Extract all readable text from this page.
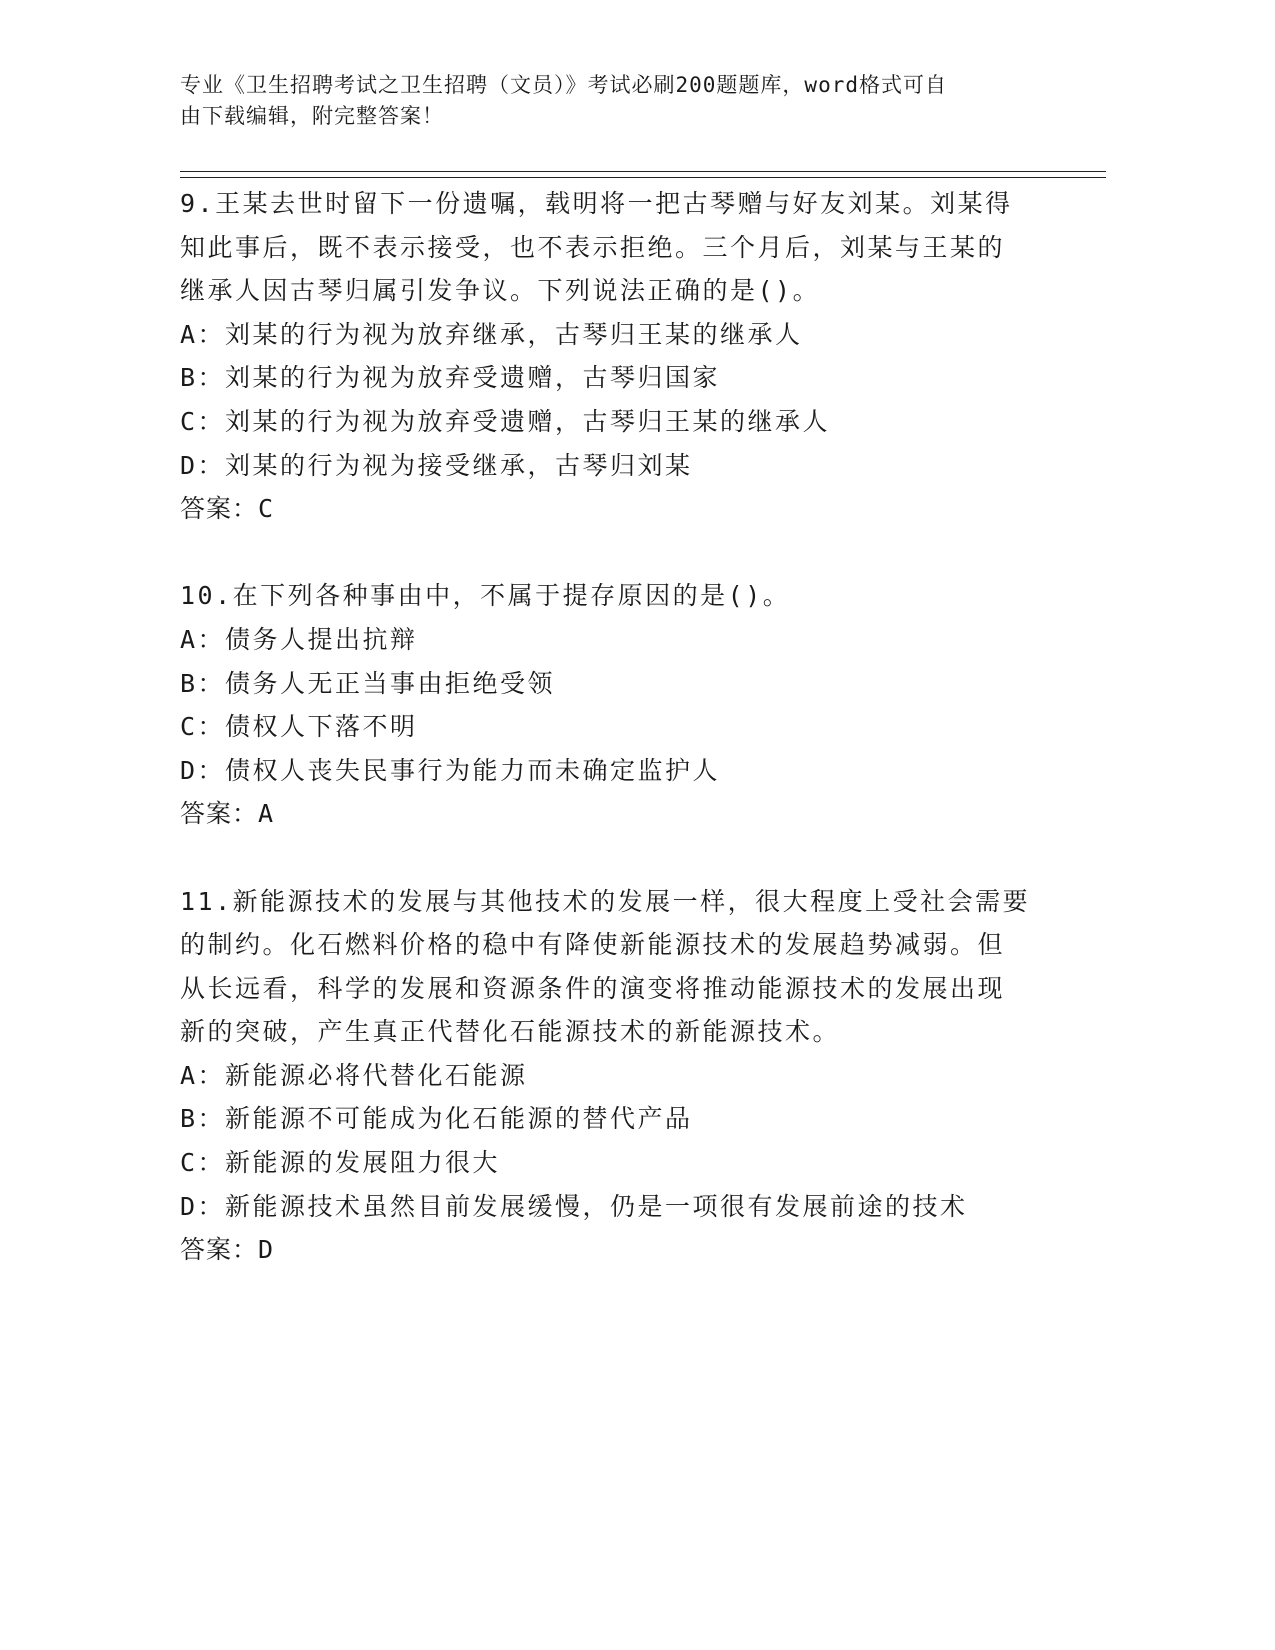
专业《卫生招聘考试之卫生招聘（文员）》考试必刷200题题库，word格式可自
由下载编辑，附完整答案！
9.王某去世时留下一份遗嘱，载明将一把古琴赠与好友刘某。刘某得
知此事后，既不表示接受，也不表示拒绝。三个月后，刘某与王某的
继承人因古琴归属引发争议。下列说法正确的是()。
A：刘某的行为视为放弃继承，古琴归王某的继承人
B：刘某的行为视为放弃受遗赠，古琴归国家
C：刘某的行为视为放弃受遗赠，古琴归王某的继承人
D：刘某的行为视为接受继承，古琴归刘某
答案：C
10.在下列各种事由中，不属于提存原因的是()。
A：债务人提出抗辩
B：债务人无正当事由拒绝受领
C：债权人下落不明
D：债权人丧失民事行为能力而未确定监护人
答案：A
11.新能源技术的发展与其他技术的发展一样，很大程度上受社会需要
的制约。化石燃料价格的稳中有降使新能源技术的发展趋势减弱。但
从长远看，科学的发展和资源条件的演变将推动能源技术的发展出现
新的突破，产生真正代替化石能源技术的新能源技术。
A：新能源必将代替化石能源
B：新能源不可能成为化石能源的替代产品
C：新能源的发展阻力很大
D：新能源技术虽然目前发展缓慢，仍是一项很有发展前途的技术
答案：D
